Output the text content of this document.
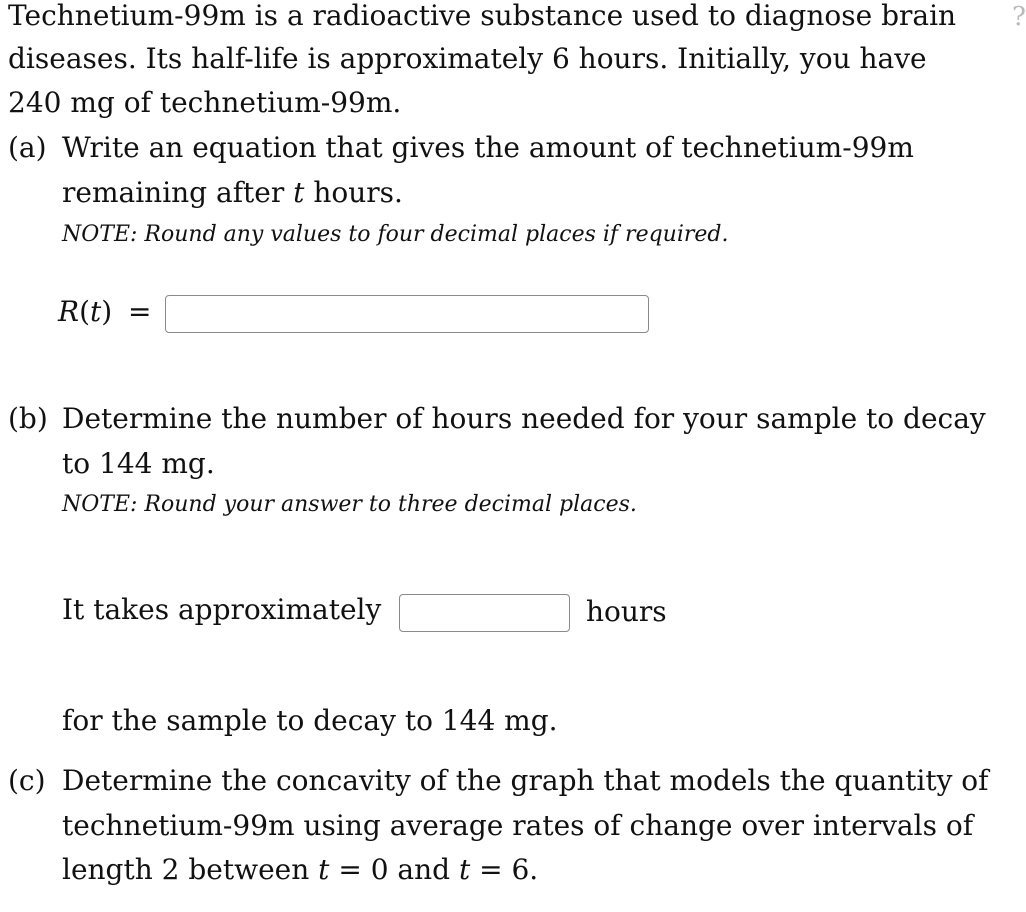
Technetium-99m is a radioactive substance used to diagnose brain
diseases. Its half-life is approximately 6 hours. Initially, you have
240 mg of technetium-99m.
?
(a) Write an equation that gives the amount of technetium-99m
remaining after t hours.
NOTE: Round any values to four decimal places if required.
R(t) =
(b) Determine the number of hours needed for your sample to decay
to 144 mg.
NOTE: Round your answer to three decimal places.
It takes approximately	hours
for the sample to decay to 144 mg.
(c) Determine the concavity of the graph that models the quantity of
technetium-99m using average rates of change over intervals of
length 2 between t = 0 and t = 6.
